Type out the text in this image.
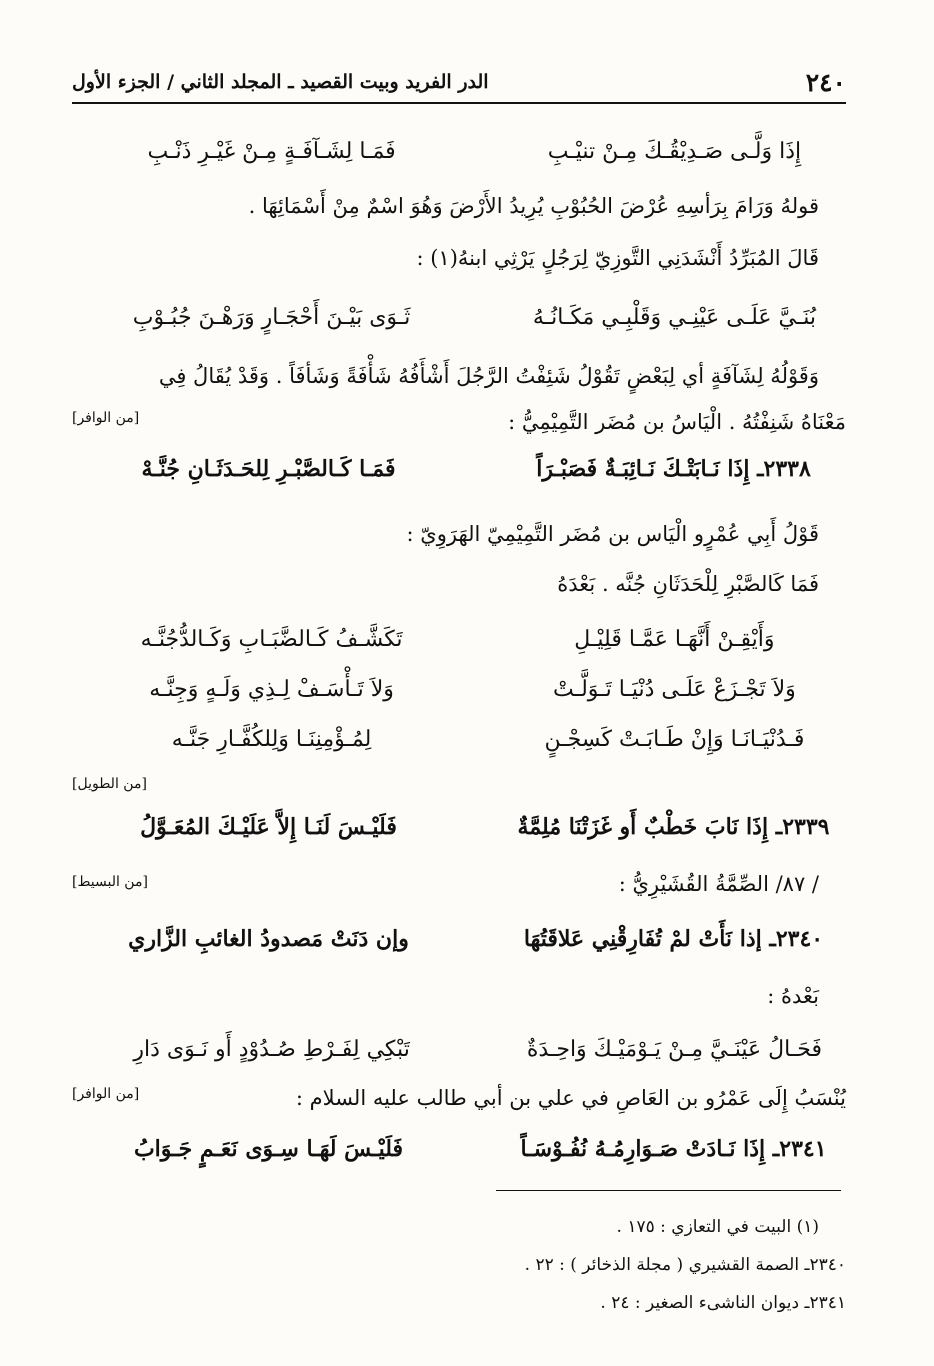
٢٤٠
الدر الفريد وبيت القصيد ـ المجلد الثاني / الجزء الأول
إِذَا وَلَّـى صَـدِيْقُـكَ مِـنْ تنيْـبِ
فَمَـا لِشَـآفَـةٍ مِـنْ غَيْـرِ ذَنْـبِ
قولهُ وَرَامَ بِرَأسِهِ عُرْضَ الحُبُوْبِ يُرِيدُ الأَرْضَ وَهُوَ اسْمٌ مِنْ أَسْمَائِهَا .
قَالَ المُبَرِّدُ أَنْشَدَنِي التَّوزِيّ لِرَجُلٍ يَرْثِي ابنهُ(١) :
بُنَـيَّ عَلَـى عَيْنِـي وَقَلْبِـي مَكَـانُـهُ
ثَـوَى بَيْـنَ أَحْجَـارٍ وَرَهْـنَ جُبُـوْبِ
وَقَوْلُهُ لِشَآفَةٍ أي لِبَعْضٍ تَقُوْلُ شَئِفْتُ الرَّجُلَ أَشْأَفُهُ شَأْفَةً وَشَأفَاً . وَقَدْ يُقَالُ فِي
مَعْنَاهُ شَنِفْتُهُ . الْيَاسُ بن مُضَر التَّمِيْمِيُّ :
[من الوافر]
٢٣٣٨ـ إِذَا نَـابَتْـكَ نَـائِبَـةٌ فَصَبْـرَاً
فَمَـا كَـالصَّبْـرِ لِلحَـدَثَـانِ جُنَّـهْ
قَوْلُ أَبِي عُمْرٍو الْيَاس بن مُضَر التَّمِيْمِيّ الهَرَوِيّ :
فَمَا كَالصَّبْرِ لِلْحَدَثَانِ جُنَّه . بَعْدَهُ
وَأَيْقِـنْ أَنَّهَـا عَمَّـا قَلِيْـلِ
تَكَشَّـفُ كَـالضَّبَـابِ وَكَـالدُّجُنَّـه
وَلاَ تَجْـزَعْ عَلَـى دُنْيَـا تَـوَلَّـتْ
وَلاَ تَـأْسَـفْ لِـذِي وَلَـهٍ وَجِنَّـه
فَـدُنْيَـانَـا وَإِنْ طَـابَـتْ كَسِجْـنٍ
لِمُـؤْمِنِنَـا وَلِلكُفَّـارِ جَنَّـه
[من الطويل]
٢٣٣٩ـ إِذَا نَابَ خَطْبٌ أَو غَزَتْنَا مُلِمَّةٌ
فَلَيْـسَ لَنَـا إِلاَّ عَلَيْـكَ المُعَـوَّلُ
/ ٨٧/ الصِّمَّةُ القُشَيْرِيُّ :
[من البسيط]
٢٣٤٠ـ إذا نَأَتْ لمْ تُفَارِقْنِي عَلاقَتُهَا
وإن دَنَتْ مَصدودُ الغائبِ الزَّاري
بَعْدهُ :
فَحَـالُ عَيْنَـيَّ مِـنْ يَـوْمَيْـكَ وَاحِـدَةٌ
تَبْكِي لِفَـرْطِ صُـدُوْدٍ أَو نَـوَى دَارِ
يُنْسَبُ إِلَى عَمْرُو بن العَاصِ في علي بن أبي طالب عليه السلام :
[من الوافر]
٢٣٤١ـ إِذَا نَـادَتْ صَـوَارِمُـهُ نُفُـوْسَـاً
فَلَيْـسَ لَهَـا سِـوَى نَعَـمٍ جَـوَابُ
(١) البيت في التعازي : ١٧٥ .
٢٣٤٠ـ الصمة القشيري ( مجلة الذخائر ) : ٢٢ .
٢٣٤١ـ ديوان الناشىء الصغير : ٢٤ .
